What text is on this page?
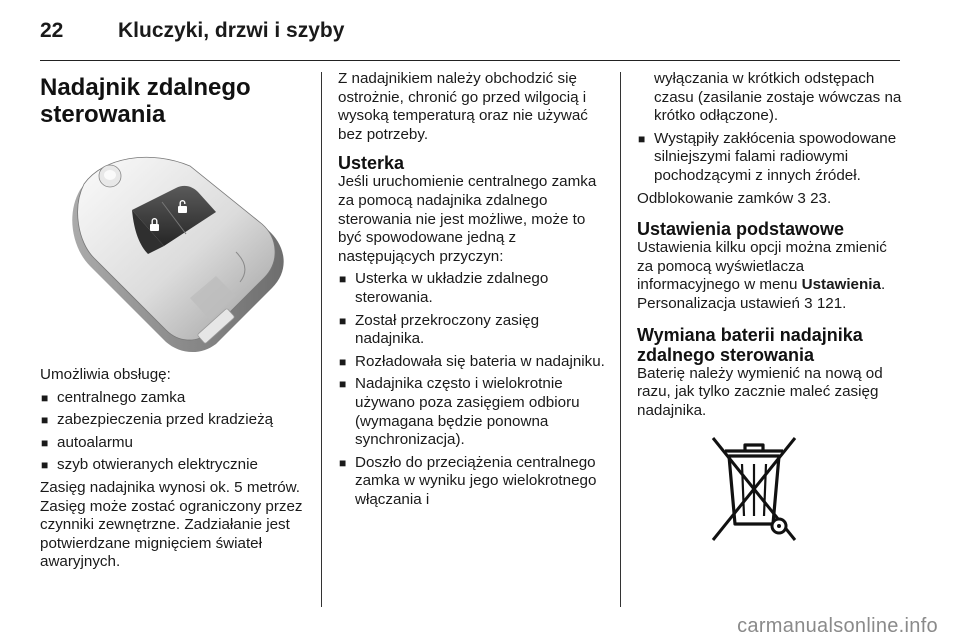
22	Kluczyki, drzwi i szyby
Nadajnik zdalnego
sterowania

Umożliwia obsługę:

■ centralnego zamka
■ zabezpieczenia przed kradzieżą
■ autoalarmu
■ szyb otwieranych elektrycznie

Zasięg nadajnika wynosi ok. 5 metrów. Zasięg może zostać ograniczony przez czynniki zewnętrzne. Zadziałanie jest potwierdzane mignięciem świateł awaryjnych.

Z nadajnikiem należy obchodzić się ostrożnie, chronić go przed wilgocią i wysoką temperaturą oraz nie używać bez potrzeby.

Usterka

Jeśli uruchomienie centralnego zamka za pomocą nadajnika zdalnego sterowania nie jest możliwe, może to być spowodowane jedną z następujących przyczyn:

■ Usterka w układzie zdalnego sterowania.
■ Został przekroczony zasięg nadajnika.
■ Rozładowała się bateria w nadajniku.
■ Nadajnika często i wielokrotnie używano poza zasięgiem odbioru (wymagana będzie ponowna synchronizacja).
■ Doszło do przeciążenia centralnego zamka w wyniku jego wielokrotnego włączania i

wyłączania w krótkich odstępach czasu (zasilanie zostaje wówczas na krótko odłączone).

■ Wystąpiły zakłócenia spowodowane silniejszymi falami radiowymi pochodzącymi z innych źródeł.

Odblokowanie zamków 3 23.

Ustawienia podstawowe

Ustawienia kilku opcji można zmienić za pomocą wyświetlacza informacyjnego w menu Ustawienia. Personalizacja ustawień 3 121.

Wymiana baterii nadajnika zdalnego sterowania

Baterię należy wymienić na nową od razu, jak tylko zacznie maleć zasięg nadajnika.

carmanualsonline.info
